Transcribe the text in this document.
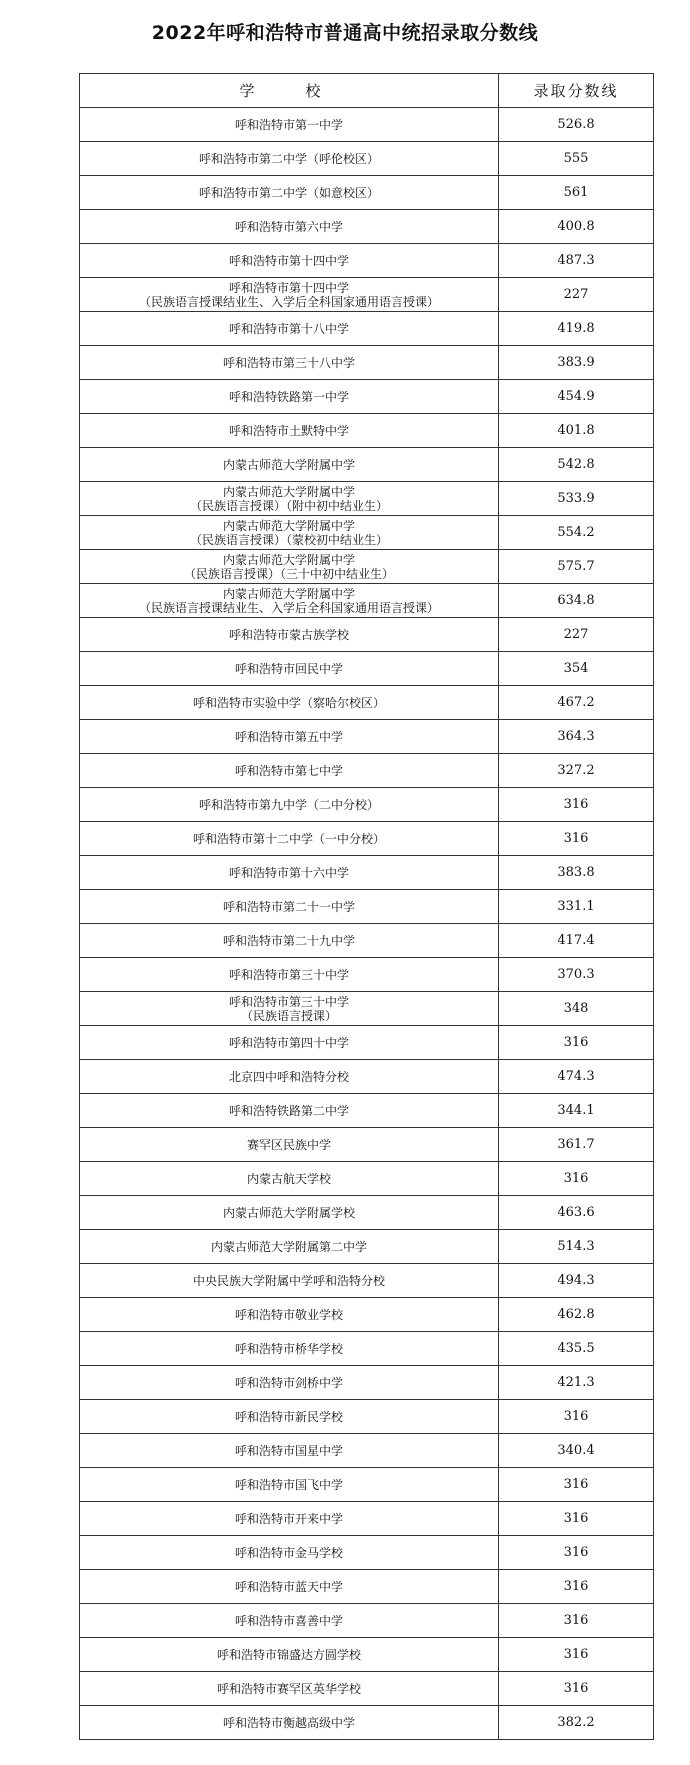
2022年呼和浩特市普通高中统招录取分数线
学　校	录取分数线

呼和浩特市第一中学	526.8

呼和浩特市第二中学（呼伦校区）	555

呼和浩特市第二中学（如意校区）	561

呼和浩特市第六中学	400.8

呼和浩特市第十四中学	487.3

呼和浩特市第十四中学
（民族语言授课结业生、入学后全科国家通用语言授课）	227

呼和浩特市第十八中学	419.8

呼和浩特市第三十八中学	383.9

呼和浩特铁路第一中学	454.9

呼和浩特市土默特中学	401.8

内蒙古师范大学附属中学	542.8

内蒙古师范大学附属中学
（民族语言授课）（附中初中结业生）	533.9

内蒙古师范大学附属中学
（民族语言授课）（蒙校初中结业生）	554.2

内蒙古师范大学附属中学
（民族语言授课）（三十中初中结业生）	575.7

内蒙古师范大学附属中学
（民族语言授课结业生、入学后全科国家通用语言授课）	634.8

呼和浩特市蒙古族学校	227

呼和浩特市回民中学	354

呼和浩特市实验中学（察哈尔校区）	467.2

呼和浩特市第五中学	364.3

呼和浩特市第七中学	327.2

呼和浩特市第九中学（二中分校）	316

呼和浩特市第十二中学（一中分校）	316

呼和浩特市第十六中学	383.8

呼和浩特市第二十一中学	331.1

呼和浩特市第二十九中学	417.4

呼和浩特市第三十中学	370.3

呼和浩特市第三十中学
（民族语言授课）	348

呼和浩特市第四十中学	316

北京四中呼和浩特分校	474.3

呼和浩特铁路第二中学	344.1

赛罕区民族中学	361.7

内蒙古航天学校	316

内蒙古师范大学附属学校	463.6

内蒙古师范大学附属第二中学	514.3

中央民族大学附属中学呼和浩特分校	494.3

呼和浩特市敬业学校	462.8

呼和浩特市桥华学校	435.5

呼和浩特市剑桥中学	421.3

呼和浩特市新民学校	316

呼和浩特市国星中学	340.4

呼和浩特市国飞中学	316

呼和浩特市开来中学	316

呼和浩特市金马学校	316

呼和浩特市蓝天中学	316

呼和浩特市喜善中学	316

呼和浩特市锦盛达方圆学校	316

呼和浩特市赛罕区英华学校	316

呼和浩特市衡越高级中学	382.2
